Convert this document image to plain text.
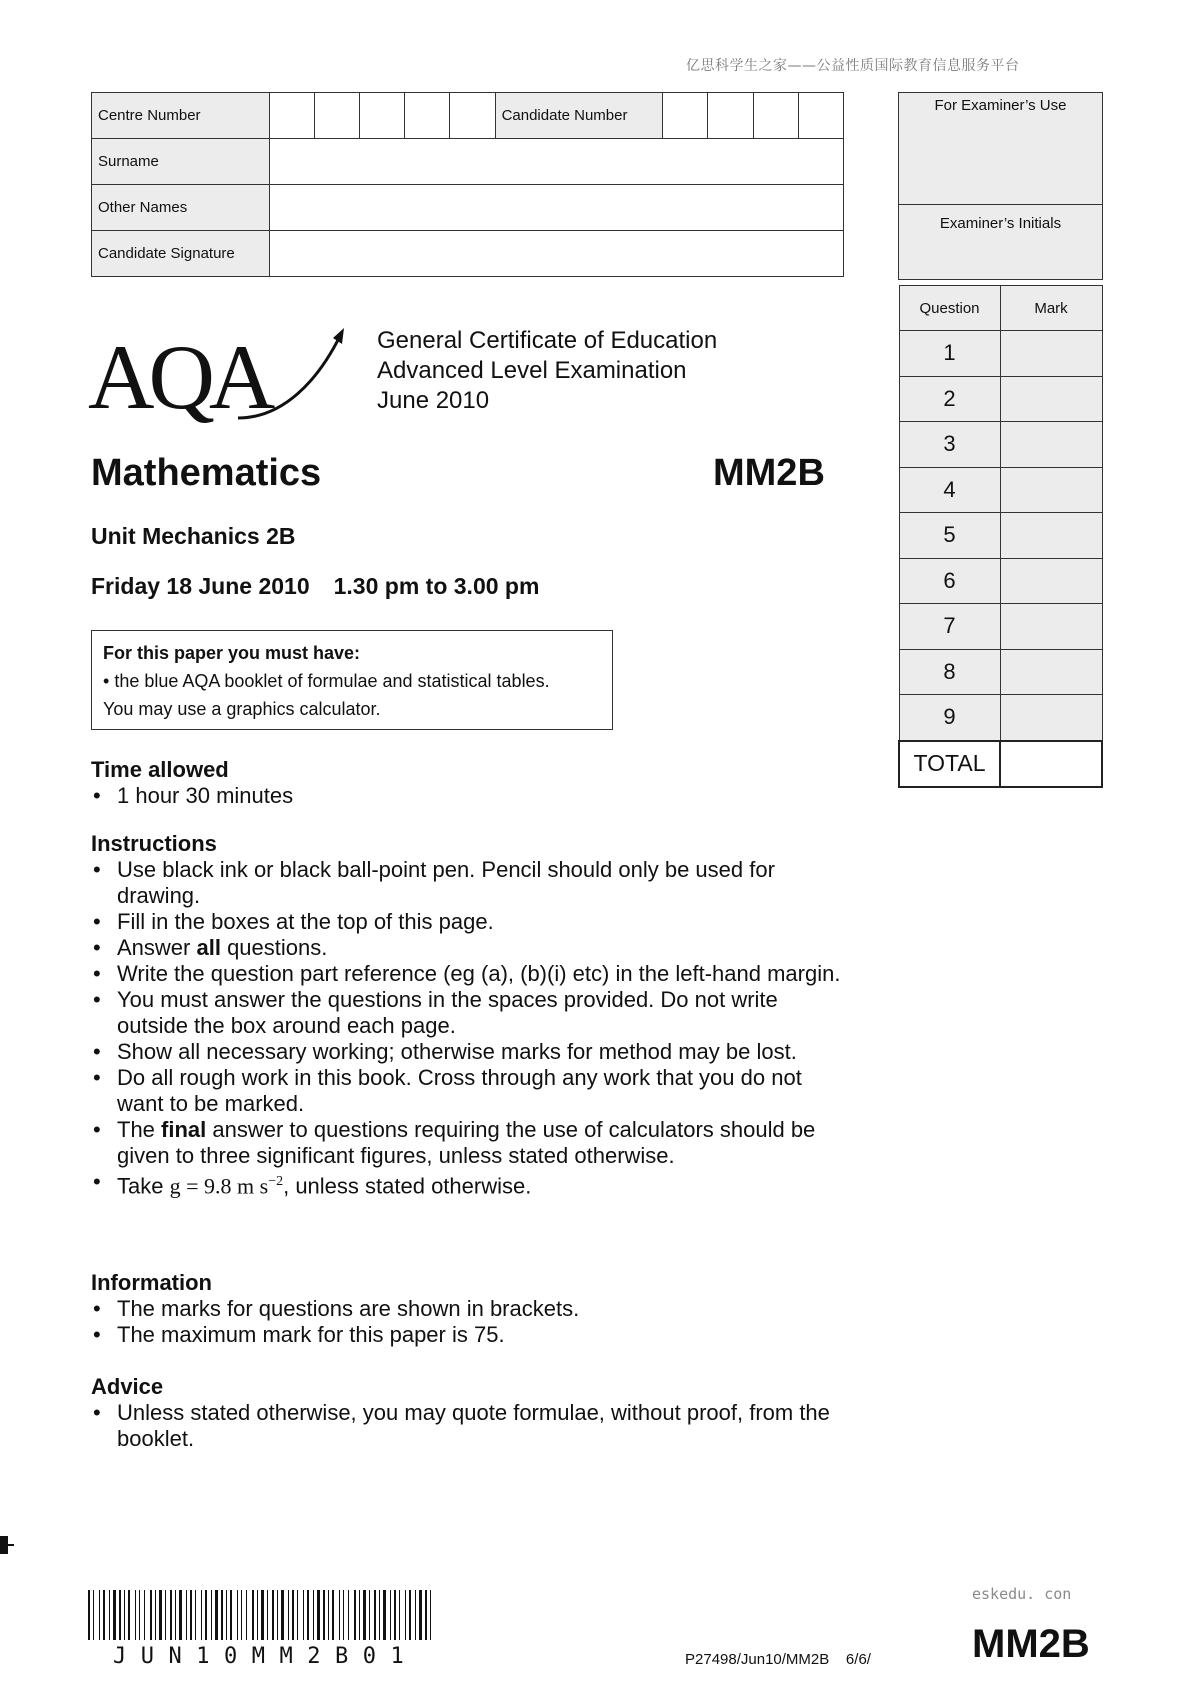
亿思科学生之家——公益性质国际教育信息服务平台
Centre Number						Candidate Number				
Surname										
Other Names										
Candidate Signature										
For Examiner’s Use
Examiner’s Initials
Question	Mark
1	
2	
3	
4	
5	
6	
7	
8	
9	
TOTAL	
AQA	General Certificate of Education
Advanced Level Examination
June 2010
Mathematics	MM2B
Unit Mechanics 2B
Friday 18 June 2010 1.30 pm to 3.00 pm
For this paper you must have:
• the blue AQA booklet of formulae and statistical tables.
You may use a graphics calculator.
Time allowed
• 1 hour 30 minutes
Instructions
• Use black ink or black ball-point pen. Pencil should only be used for drawing.
• Fill in the boxes at the top of this page.
• Answer all questions.
• Write the question part reference (eg (a), (b)(i) etc) in the left-hand margin.
• You must answer the questions in the spaces provided. Do not write outside the box around each page.
• Show all necessary working; otherwise marks for method may be lost.
• Do all rough work in this book. Cross through any work that you do not want to be marked.
• The final answer to questions requiring the use of calculators should be given to three significant figures, unless stated otherwise.
• Take g = 9.8 m $s^{-2}$, unless stated otherwise.
Information
• The marks for questions are shown in brackets.
• The maximum mark for this paper is 75.
Advice
• Unless stated otherwise, you may quote formulae, without proof, from the booklet.
JUN10MM2B01
eskedu. con
P27498/Jun10/MM2B    6/6/	MM2B
